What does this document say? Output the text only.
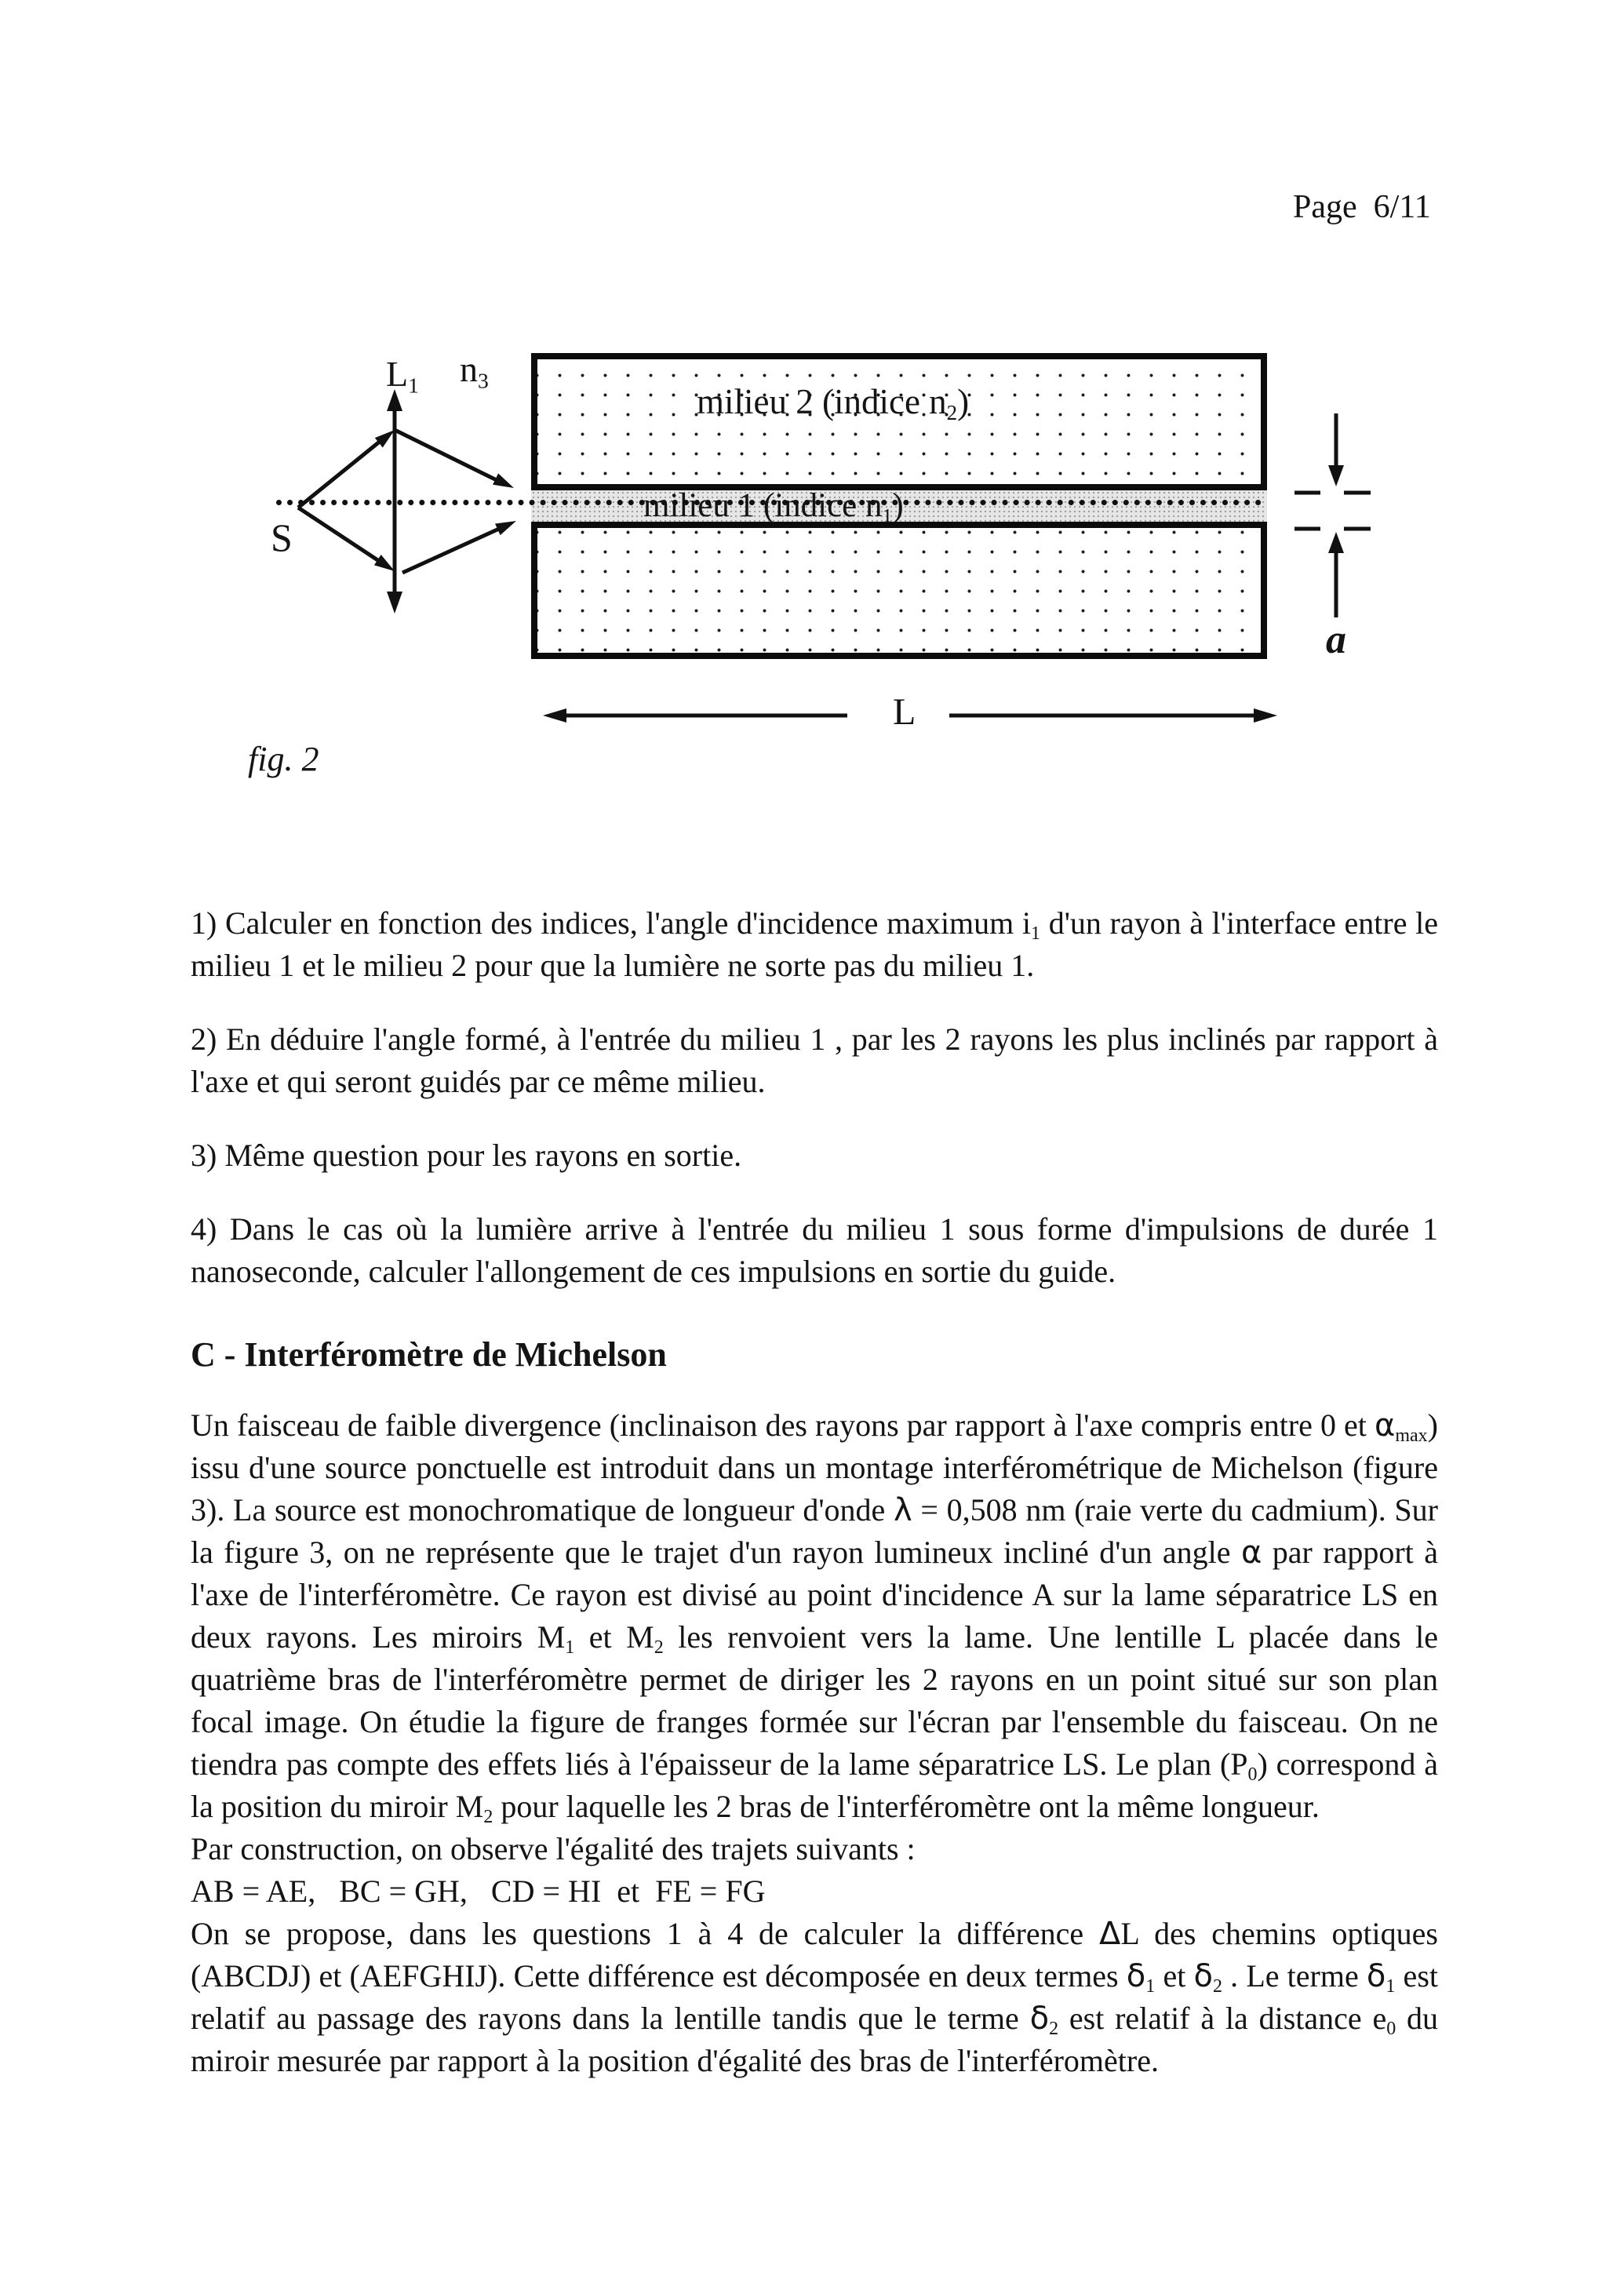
Page  6/11
milieu 2 (indice $n_2$)
milieu 1 (indice $n_1$)
$L_1$ $n_3$
S
a
L
fig. 2

1) Calculer en fonction des indices, l'angle d'incidence maximum $i_1$ d'un rayon à l'interface entre le milieu 1 et le milieu 2 pour que la lumière ne sorte pas du milieu 1.

2) En déduire l'angle formé, à l'entrée du milieu 1 , par les 2 rayons les plus inclinés par rapport à l'axe et qui seront guidés par ce même milieu.

3) Même question pour les rayons en sortie.

4) Dans le cas où la lumière arrive à l'entrée du milieu 1 sous forme d'impulsions de durée 1 nanoseconde, calculer l'allongement de ces impulsions en sortie du guide.

C - Interféromètre de Michelson

Un faisceau de faible divergence (inclinaison des rayons par rapport à l'axe compris entre 0 et $\alpha_{max}$) issu d'une source ponctuelle est introduit dans un montage interférométrique de Michelson (figure 3). La source est monochromatique de longueur d'onde λ = 0,508 nm (raie verte du cadmium). Sur la figure 3, on ne représente que le trajet d'un rayon lumineux incliné d'un angle α par rapport à l'axe de l'interféromètre. Ce rayon est divisé au point d'incidence A sur la lame séparatrice LS en deux rayons. Les miroirs $M_1$ et $M_2$ les renvoient vers la lame. Une lentille L placée dans le quatrième bras de l'interféromètre permet de diriger les 2 rayons en un point situé sur son plan focal image. On étudie la figure de franges formée sur l'écran par l'ensemble du faisceau. On ne tiendra pas compte des effets liés à l'épaisseur de la lame séparatrice LS. Le plan $(P_0)$ correspond à la position du miroir $M_2$ pour laquelle les 2 bras de l'interféromètre ont la même longueur.

Par construction, on observe l'égalité des trajets suivants :

AB = AE,   BC = GH,   CD = HI  et  FE = FG

On se propose, dans les questions 1 à 4 de calculer la différence ΔL des chemins optiques (ABCDJ) et (AEFGHIJ). Cette différence est décomposée en deux termes $\delta_1$ et $\delta_2$ . Le terme $\delta_1$ est relatif au passage des rayons dans la lentille tandis que le terme $\delta_2$ est relatif à la distance $e_0$ du miroir mesurée par rapport à la position d'égalité des bras de l'interféromètre.
